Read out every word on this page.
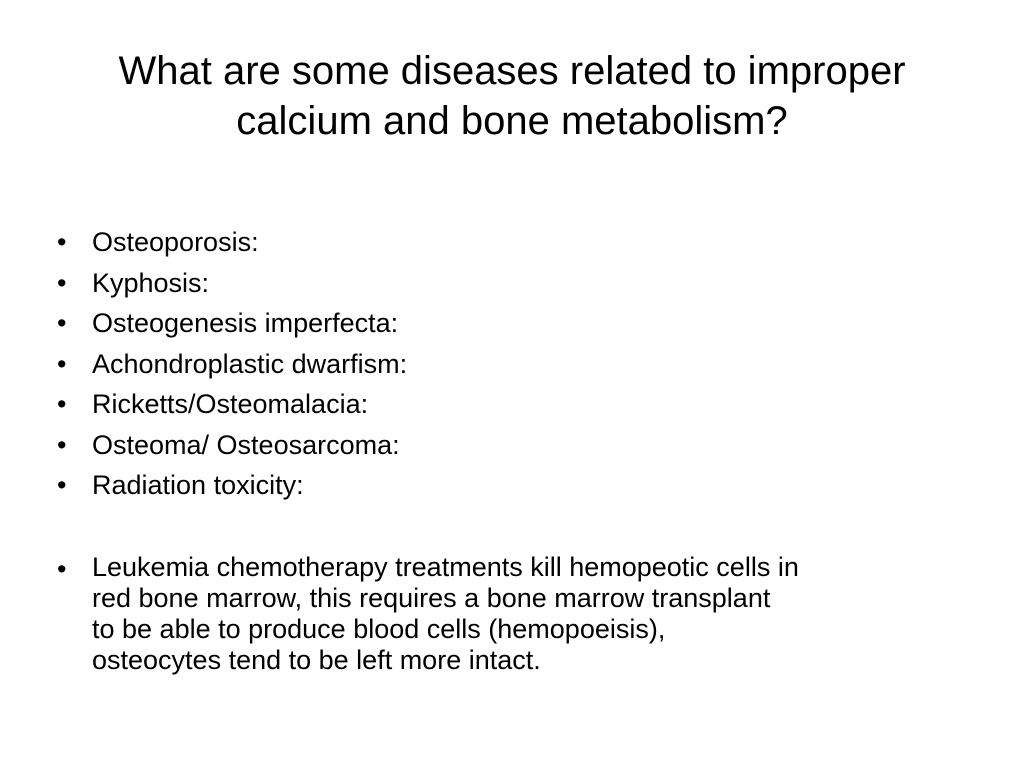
What are some diseases related to improper
calcium and bone metabolism?
• Osteoporosis:
• Kyphosis:
• Osteogenesis imperfecta:
• Achondroplastic dwarfism:
• Ricketts/Osteomalacia:
• Osteoma/ Osteosarcoma:
• Radiation toxicity:
• Leukemia chemotherapy treatments kill hemopeotic cells in
red bone marrow, this requires a bone marrow transplant
to be able to produce blood cells (hemopoeisis),
osteocytes tend to be left more intact.
